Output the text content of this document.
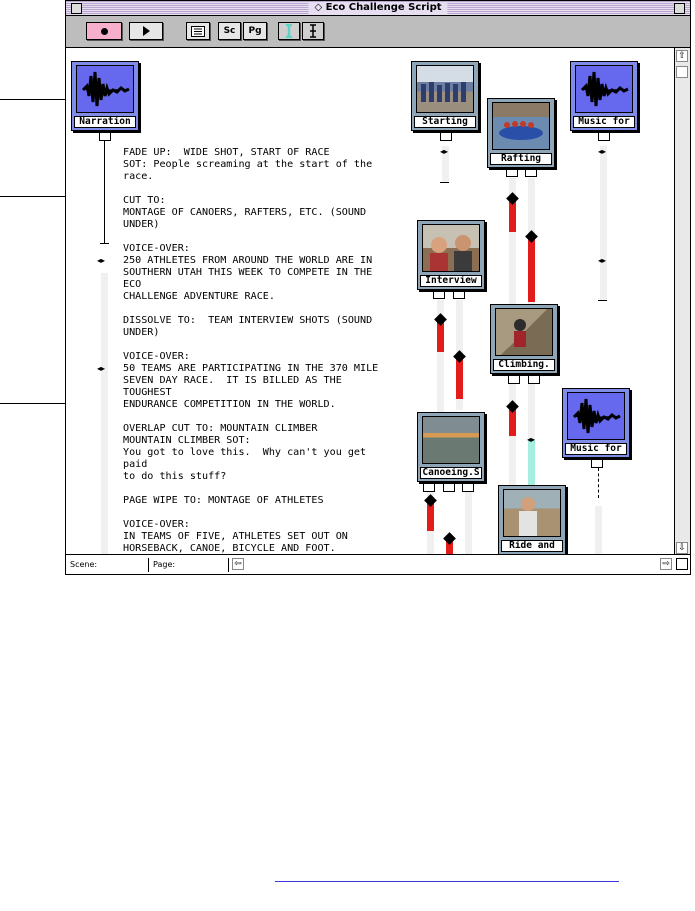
◇ Eco Challenge Script
Sc	Pg
◂▸
◂▸
FADE UP:  WIDE SHOT, START OF RACE
SOT: People screaming at the start of the
race.

CUT TO:
MONTAGE OF CANOERS, RAFTERS, ETC. (SOUND
UNDER)

VOICE-OVER:
250 ATHLETES FROM AROUND THE WORLD ARE IN
SOUTHERN UTAH THIS WEEK TO COMPETE IN THE
ECO
CHALLENGE ADVENTURE RACE.

DISSOLVE TO:  TEAM INTERVIEW SHOTS (SOUND
UNDER)

VOICE-OVER:
50 TEAMS ARE PARTICIPATING IN THE 370 MILE
SEVEN DAY RACE.  IT IS BILLED AS THE
TOUGHEST
ENDURANCE COMPETITION IN THE WORLD.

OVERLAP CUT TO: MOUNTAIN CLIMBER
MOUNTAIN CLIMBER SOT:
You got to love this.  Why can't you get
paid
to do this stuff?

PAGE WIPE TO: MONTAGE OF ATHLETES

VOICE-OVER:
IN TEAMS OF FIVE, ATHLETES SET OUT ON
HORSEBACK, CANOE, BICYCLE AND FOOT.
◂▸	◂▸
◂▸
◂▸
Narration	Starting	Music for
Rafting
Interview
Climbing.
Music for
Canoeing.S
Ride and
⇧
⇩
Scene:	Page:	⇦	⇨
